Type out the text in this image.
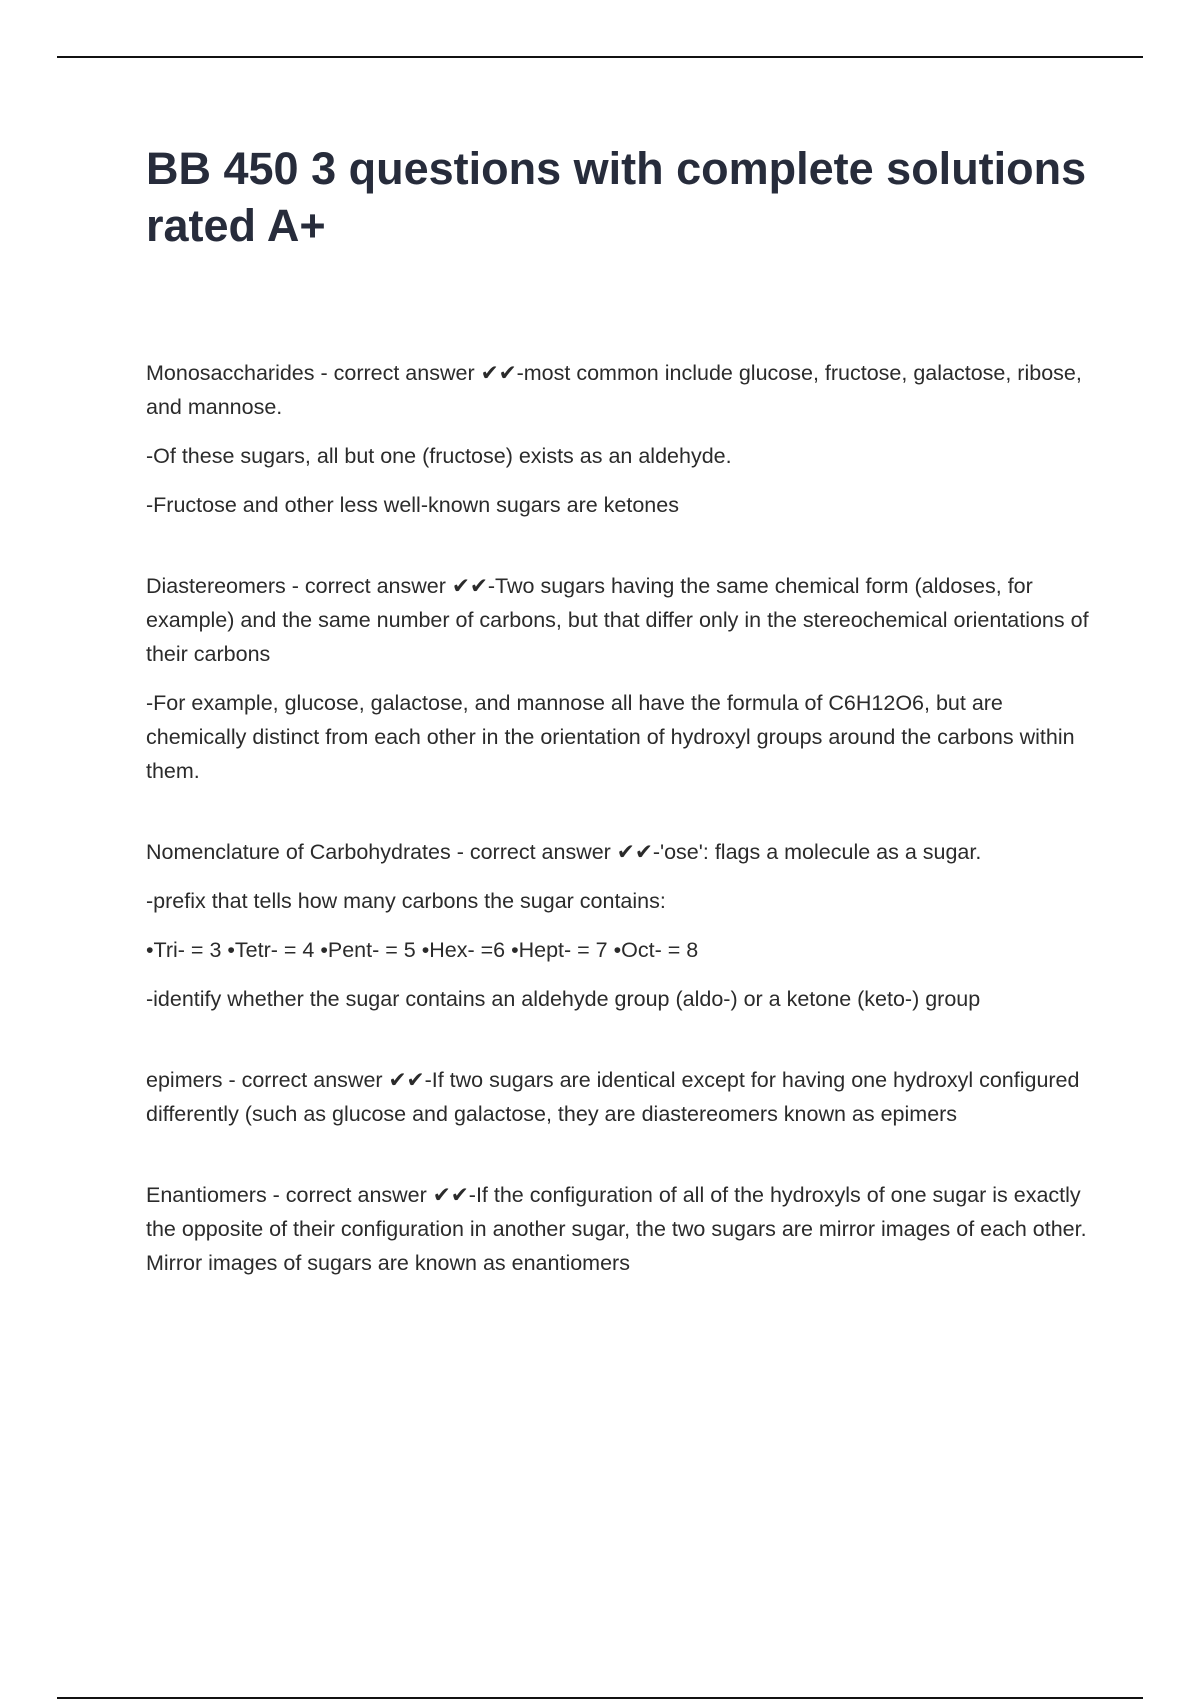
BB 450 3 questions with complete solutions rated A+

Monosaccharides - correct answer ✔✔-most common include glucose, fructose, galactose, ribose, and mannose.

-Of these sugars, all but one (fructose) exists as an aldehyde.

-Fructose and other less well-known sugars are ketones

Diastereomers - correct answer ✔✔-Two sugars having the same chemical form (aldoses, for example) and the same number of carbons, but that differ only in the stereochemical orientations of their carbons

-For example, glucose, galactose, and mannose all have the formula of C6H12O6, but are chemically distinct from each other in the orientation of hydroxyl groups around the carbons within them.

Nomenclature of Carbohydrates - correct answer ✔✔-'ose': flags a molecule as a sugar.

-prefix that tells how many carbons the sugar contains:

•Tri- = 3 •Tetr- = 4 •Pent- = 5 •Hex- =6 •Hept- = 7 •Oct- = 8

-identify whether the sugar contains an aldehyde group (aldo-) or a ketone (keto-) group

epimers - correct answer ✔✔-If two sugars are identical except for having one hydroxyl configured differently (such as glucose and galactose, they are diastereomers known as epimers

Enantiomers - correct answer ✔✔-If the configuration of all of the hydroxyls of one sugar is exactly the opposite of their configuration in another sugar, the two sugars are mirror images of each other. Mirror images of sugars are known as enantiomers
